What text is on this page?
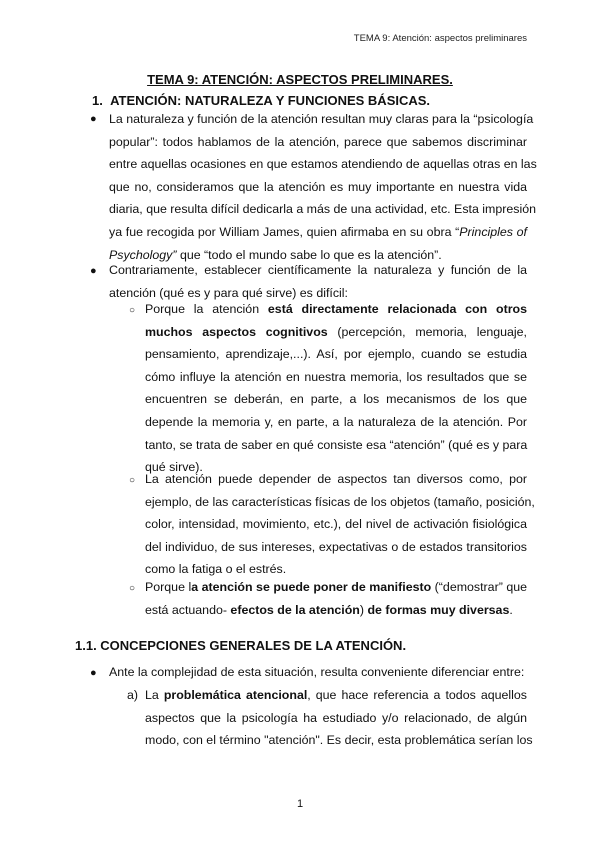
TEMA 9: Atención: aspectos preliminares
TEMA 9: ATENCIÓN: ASPECTOS PRELIMINARES.
1. ATENCIÓN: NATURALEZA Y FUNCIONES BÁSICAS.
● La naturaleza y función de la atención resultan muy claras para la “psicología
popular”: todos hablamos de la atención, parece que sabemos discriminar
entre aquellas ocasiones en que estamos atendiendo de aquellas otras en las
que no, consideramos que la atención es muy importante en nuestra vida
diaria, que resulta difícil dedicarla a más de una actividad, etc. Esta impresión
ya fue recogida por William James, quien afirmaba en su obra “Principles of
Psychology” que “todo el mundo sabe lo que es la atención”.
● Contrariamente, establecer científicamente la naturaleza y función de la
atención (qué es y para qué sirve) es difícil:
○ Porque la atención está directamente relacionada con otros
muchos aspectos cognitivos (percepción, memoria, lenguaje,
pensamiento, aprendizaje,...). Así, por ejemplo, cuando se estudia
cómo influye la atención en nuestra memoria, los resultados que se
encuentren se deberán, en parte, a los mecanismos de los que
depende la memoria y, en parte, a la naturaleza de la atención. Por
tanto, se trata de saber en qué consiste esa “atención” (qué es y para
qué sirve).
○ La atención puede depender de aspectos tan diversos como, por
ejemplo, de las características físicas de los objetos (tamaño, posición,
color, intensidad, movimiento, etc.), del nivel de activación fisiológica
del individuo, de sus intereses, expectativas o de estados transitorios
como la fatiga o el estrés.
○ Porque la atención se puede poner de manifiesto (“demostrar” que
está actuando- efectos de la atención) de formas muy diversas.
1.1. CONCEPCIONES GENERALES DE LA ATENCIÓN.
● Ante la complejidad de esta situación, resulta conveniente diferenciar entre:
a) La problemática atencional, que hace referencia a todos aquellos
aspectos que la psicología ha estudiado y/o relacionado, de algún
modo, con el término "atención". Es decir, esta problemática serían los
1
